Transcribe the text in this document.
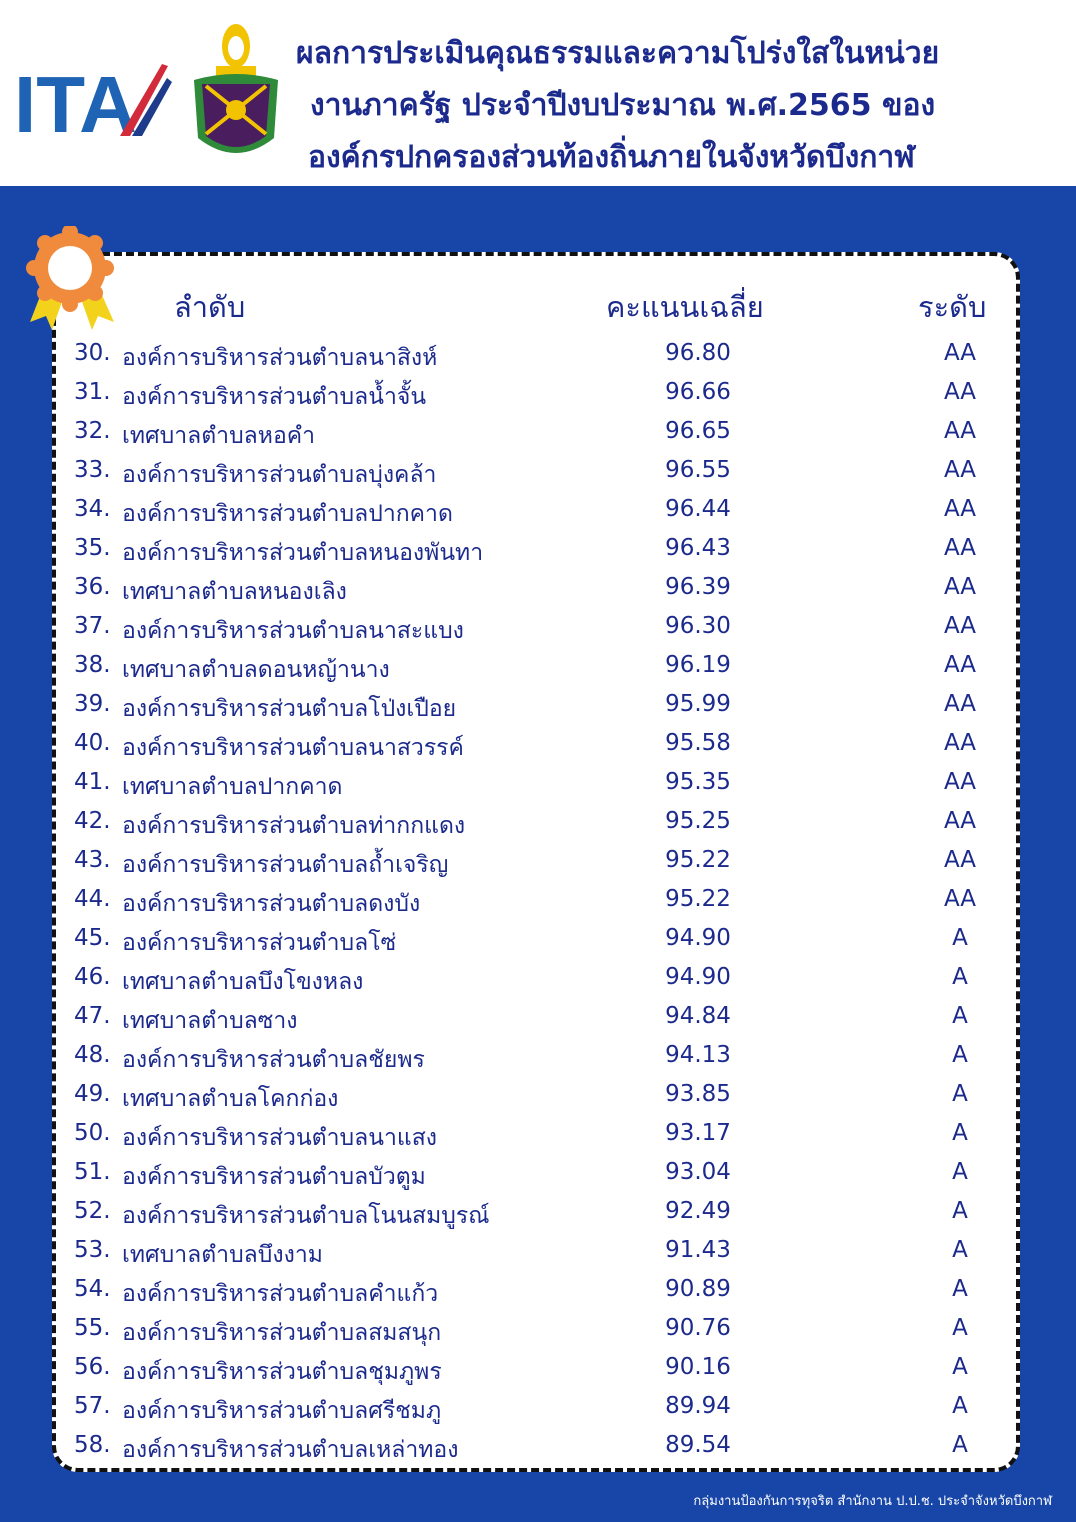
ITA
ผลการประเมินคุณธรรมและความโปร่งใสในหน่วย
งานภาครัฐ ประจำปีงบประมาณ พ.ศ.2565 ของ
องค์กรปกครองส่วนท้องถิ่นภายในจังหวัดบึงกาฬ
ลำดับ	คะแนนเฉลี่ย	ระดับ
30. องค์การบริหารส่วนตำบลนาสิงห์	96.80	AA
31. องค์การบริหารส่วนตำบลน้ำจั้น	96.66	AA
32. เทศบาลตำบลหอคำ	96.65	AA
33. องค์การบริหารส่วนตำบลบุ่งคล้า	96.55	AA
34. องค์การบริหารส่วนตำบลปากคาด	96.44	AA
35. องค์การบริหารส่วนตำบลหนองพันทา	96.43	AA
36. เทศบาลตำบลหนองเลิง	96.39	AA
37. องค์การบริหารส่วนตำบลนาสะแบง	96.30	AA
38. เทศบาลตำบลดอนหญ้านาง	96.19	AA
39. องค์การบริหารส่วนตำบลโป่งเปือย	95.99	AA
40. องค์การบริหารส่วนตำบลนาสวรรค์	95.58	AA
41. เทศบาลตำบลปากคาด	95.35	AA
42. องค์การบริหารส่วนตำบลท่ากกแดง	95.25	AA
43. องค์การบริหารส่วนตำบลถ้ำเจริญ	95.22	AA
44. องค์การบริหารส่วนตำบลดงบัง	95.22	AA
45. องค์การบริหารส่วนตำบลโซ่	94.90	A
46. เทศบาลตำบลบึงโขงหลง	94.90	A
47. เทศบาลตำบลซาง	94.84	A
48. องค์การบริหารส่วนตำบลชัยพร	94.13	A
49. เทศบาลตำบลโคกก่อง	93.85	A
50. องค์การบริหารส่วนตำบลนาแสง	93.17	A
51. องค์การบริหารส่วนตำบลบัวตูม	93.04	A
52. องค์การบริหารส่วนตำบลโนนสมบูรณ์	92.49	A
53. เทศบาลตำบลบึงงาม	91.43	A
54. องค์การบริหารส่วนตำบลคำแก้ว	90.89	A
55. องค์การบริหารส่วนตำบลสมสนุก	90.76	A
56. องค์การบริหารส่วนตำบลชุมภูพร	90.16	A
57. องค์การบริหารส่วนตำบลศรีชมภู	89.94	A
58. องค์การบริหารส่วนตำบลเหล่าทอง	89.54	A
กลุ่มงานป้องกันการทุจริต สำนักงาน ป.ป.ช. ประจำจังหวัดบึงกาฬ
